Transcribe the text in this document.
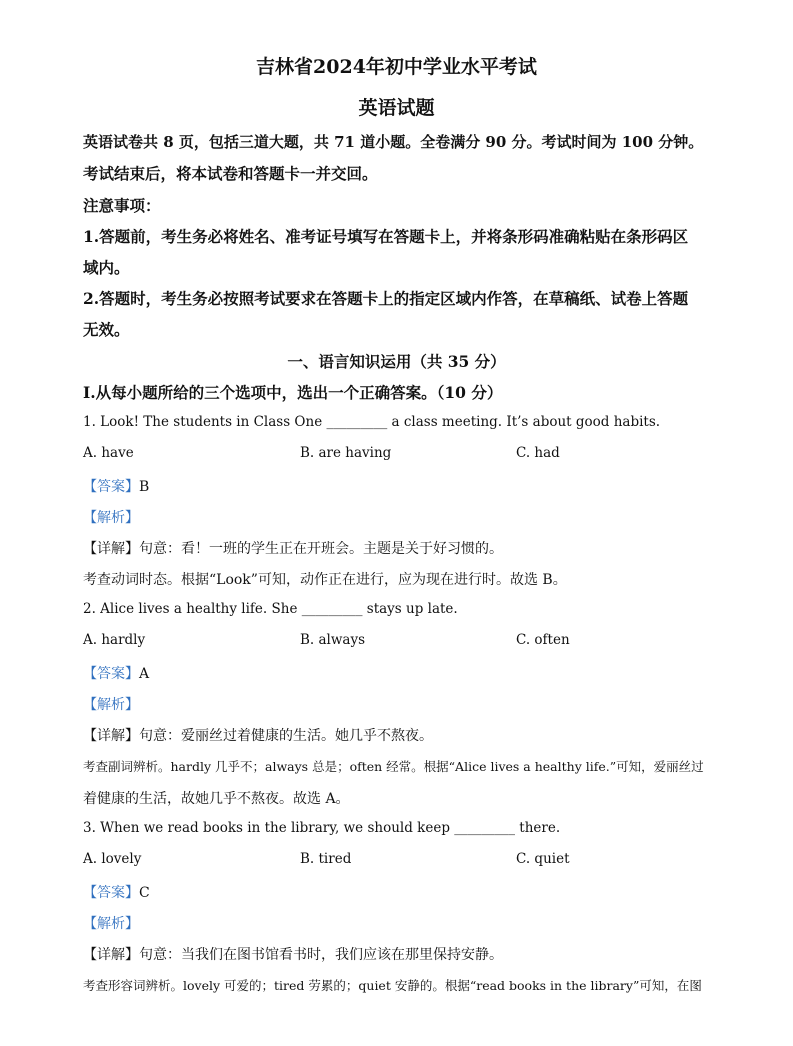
吉林省2024年初中学业水平考试
英语试题
英语试卷共 8 页，包括三道大题，共 71 道小题。全卷满分 90 分。考试时间为 100 分钟。
考试结束后，将本试卷和答题卡一并交回。
注意事项：
1.答题前，考生务必将姓名、准考证号填写在答题卡上，并将条形码准确粘贴在条形码区
域内。
2.答题时，考生务必按照考试要求在答题卡上的指定区域内作答，在草稿纸、试卷上答题
无效。
一、语言知识运用（共 35 分）
Ⅰ.从每小题所给的三个选项中，选出一个正确答案。（10 分）
1. Look! The students in Class One _________ a class meeting. It’s about good habits.
A. have	B. are having	C. had
【答案】B
【解析】
【详解】句意：看！一班的学生正在开班会。主题是关于好习惯的。
考查动词时态。根据“Look”可知，动作正在进行，应为现在进行时。故选 B。
2. Alice lives a healthy life. She _________ stays up late.
A. hardly	B. always	C. often
【答案】A
【解析】
【详解】句意：爱丽丝过着健康的生活。她几乎不熬夜。
考查副词辨析。hardly 几乎不；always 总是；often 经常。根据“Alice lives a healthy life.”可知，爱丽丝过
着健康的生活，故她几乎不熬夜。故选 A。
3. When we read books in the library, we should keep _________ there.
A. lovely	B. tired	C. quiet
【答案】C
【解析】
【详解】句意：当我们在图书馆看书时，我们应该在那里保持安静。
考查形容词辨析。lovely 可爱的；tired 劳累的；quiet 安静的。根据“read books in the library”可知，在图
